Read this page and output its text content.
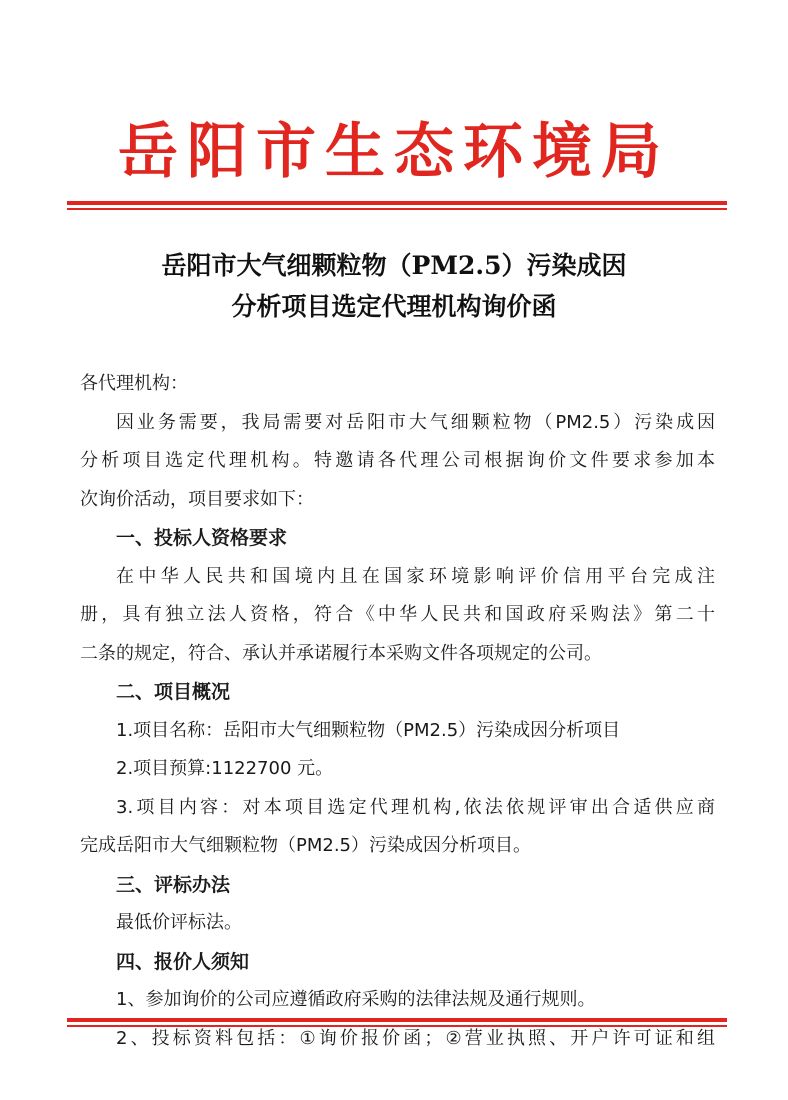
岳阳市生态环境局
岳阳市大气细颗粒物（PM2.5）污染成因
分析项目选定代理机构询价函
各代理机构：
因业务需要，我局需要对岳阳市大气细颗粒物（PM2.5）污染成因
分析项目选定代理机构。特邀请各代理公司根据询价文件要求参加本
次询价活动，项目要求如下：
一、投标人资格要求
在中华人民共和国境内且在国家环境影响评价信用平台完成注
册，具有独立法人资格，符合《中华人民共和国政府采购法》第二十
二条的规定，符合、承认并承诺履行本采购文件各项规定的公司。
二、项目概况
1.项目名称：岳阳市大气细颗粒物（PM2.5）污染成因分析项目
2.项目预算:1122700 元。
3.项目内容：对本项目选定代理机构,依法依规评审出合适供应商
完成岳阳市大气细颗粒物（PM2.5）污染成因分析项目。
三、评标办法
最低价评标法。
四、报价人须知
1、参加询价的公司应遵循政府采购的法律法规及通行规则。
2、投标资料包括：①询价报价函；②营业执照、开户许可证和组
